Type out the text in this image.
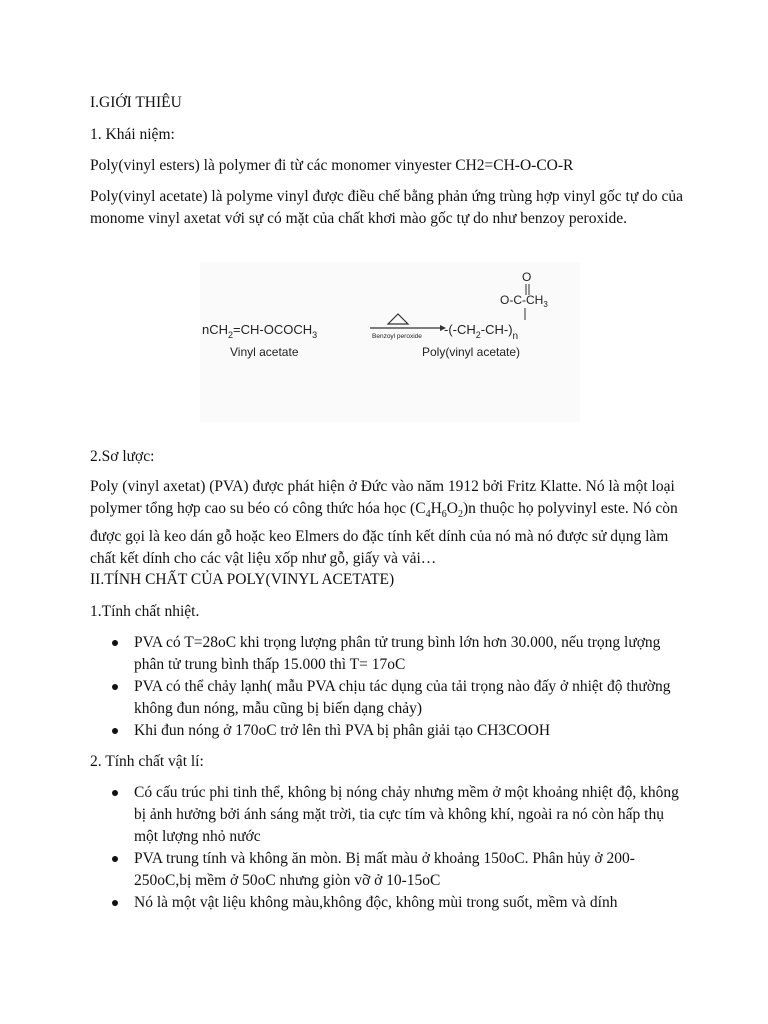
I.GIỚI THIÊU

1. Khái niệm:

Poly(vinyl esters) là polymer đi từ các monomer vinyester CH2=CH-O-CO-R

Poly(vinyl acetate) là polyme vinyl được điều chế bằng phản ứng trùng hợp vinyl gốc tự do của monome vinyl axetat với sự có mặt của chất khơi mào gốc tự do như benzoy peroxide.

$nCH_2=CH-OCOCH_3$
Vinyl acetate
Benzoyl peroxide $-(-CH_2-CH-)_n$
$O-C-CH_3$
O
Poly(vinyl acetate)

2.Sơ lược:

Poly (vinyl axetat) (PVA) được phát hiện ở Đức vào năm 1912 bởi Fritz Klatte. Nó là một loại polymer tổng hợp cao su béo có công thức hóa học $(C_4H_6O_2)n$ thuộc họ polyvinyl este. Nó còn được gọi là keo dán gỗ hoặc keo Elmers do đặc tính kết dính của nó mà nó được sử dụng làm chất kết dính cho các vật liệu xốp như gỗ, giấy và vải…

II.TÍNH CHẤT CỦA POLY(VINYL ACETATE)

1.Tính chất nhiệt.

PVA có T=28oC khi trọng lượng phân tử trung bình lớn hơn 30.000, nếu trọng lượng phân tử trung bình thấp 15.000 thì T= 17oC
PVA có thể chảy lạnh( mẫu PVA chịu tác dụng của tải trọng nào đấy ở nhiệt độ thường không đun nóng, mẫu cũng bị biến dạng chảy)
Khi đun nóng ở 170oC trở lên thì PVA bị phân giải tạo CH3COOH

2. Tính chất vật lí:

Có cấu trúc phi tinh thể, không bị nóng chảy nhưng mềm ở một khoảng nhiệt độ, không bị ảnh hưởng bởi ánh sáng mặt trời, tia cực tím và không khí, ngoài ra nó còn hấp thụ một lượng nhỏ nước
PVA trung tính và không ăn mòn. Bị mất màu ở khoảng 150oC. Phân hủy ở 200-250oC,bị mềm ở 50oC nhưng giòn vỡ ở 10-15oC
Nó là một vật liệu không màu,không độc, không mùi trong suốt, mềm và dính
